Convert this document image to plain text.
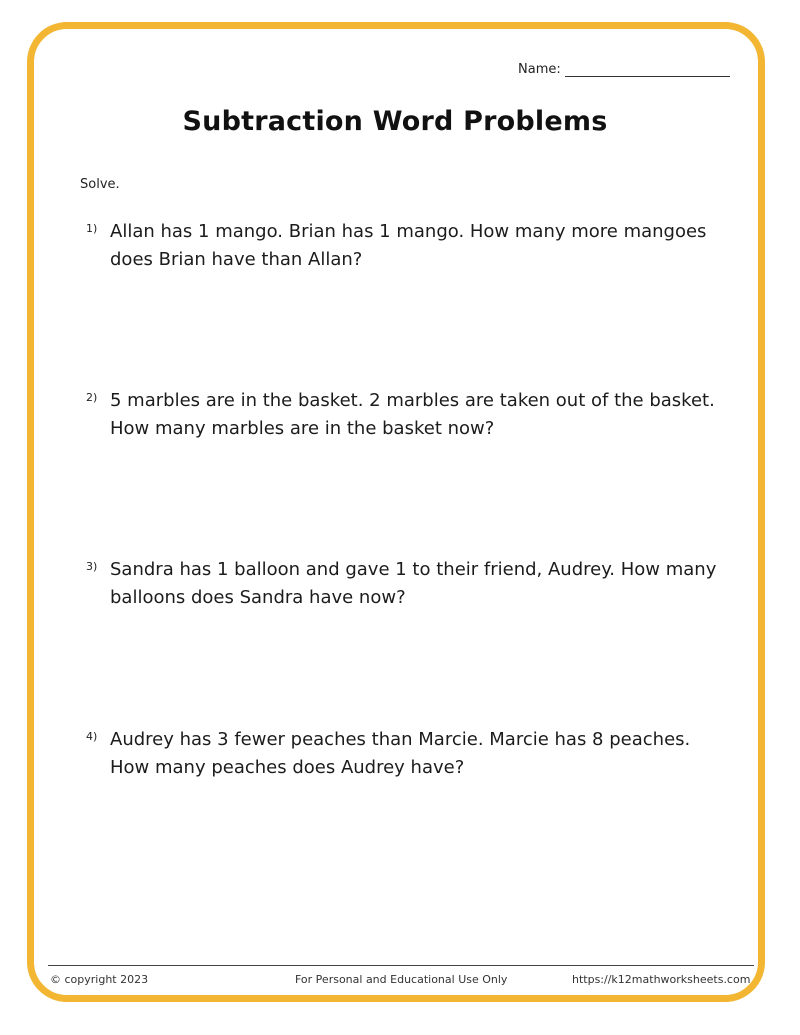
Name:
Subtraction Word Problems
Solve.
1) Allan has 1 mango. Brian has 1 mango. How many more mangoes does Brian have than Allan?
2) 5 marbles are in the basket. 2 marbles are taken out of the basket. How many marbles are in the basket now?
3) Sandra has 1 balloon and gave 1 to their friend, Audrey. How many balloons does Sandra have now?
4) Audrey has 3 fewer peaches than Marcie. Marcie has 8 peaches. How many peaches does Audrey have?
© copyright 2023	For Personal and Educational Use Only	https://k12mathworksheets.com
